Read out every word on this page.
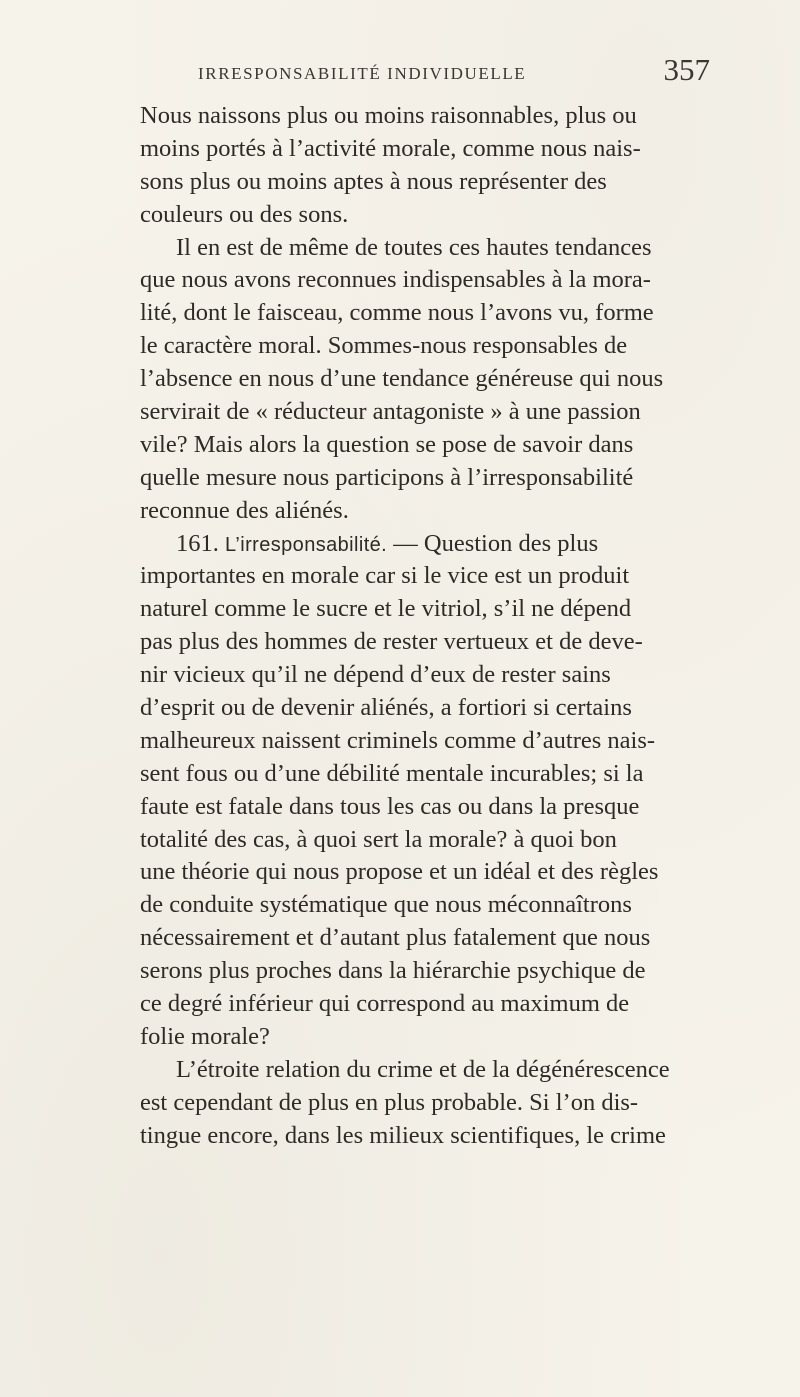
IRRESPONSABILITÉ INDIVIDUELLE	357
Nous naissons plus ou moins raisonnables, plus ou
moins portés à l’activité morale, comme nous nais-
sons plus ou moins aptes à nous représenter des
couleurs ou des sons.
Il en est de même de toutes ces hautes tendances
que nous avons reconnues indispensables à la mora-
lité, dont le faisceau, comme nous l’avons vu, forme
le caractère moral. Sommes-nous responsables de
l’absence en nous d’une tendance généreuse qui nous
servirait de « réducteur antagoniste » à une passion
vile? Mais alors la question se pose de savoir dans
quelle mesure nous participons à l’irresponsabilité
reconnue des aliénés.
161. L’irresponsabilité. — Question des plus
importantes en morale car si le vice est un produit
naturel comme le sucre et le vitriol, s’il ne dépend
pas plus des hommes de rester vertueux et de deve-
nir vicieux qu’il ne dépend d’eux de rester sains
d’esprit ou de devenir aliénés, a fortiori si certains
malheureux naissent criminels comme d’autres nais-
sent fous ou d’une débilité mentale incurables; si la
faute est fatale dans tous les cas ou dans la presque
totalité des cas, à quoi sert la morale? à quoi bon
une théorie qui nous propose et un idéal et des règles
de conduite systématique que nous méconnaîtrons
nécessairement et d’autant plus fatalement que nous
serons plus proches dans la hiérarchie psychique de
ce degré inférieur qui correspond au maximum de
folie morale?
L’étroite relation du crime et de la dégénérescence
est cependant de plus en plus probable. Si l’on dis-
tingue encore, dans les milieux scientifiques, le crime
